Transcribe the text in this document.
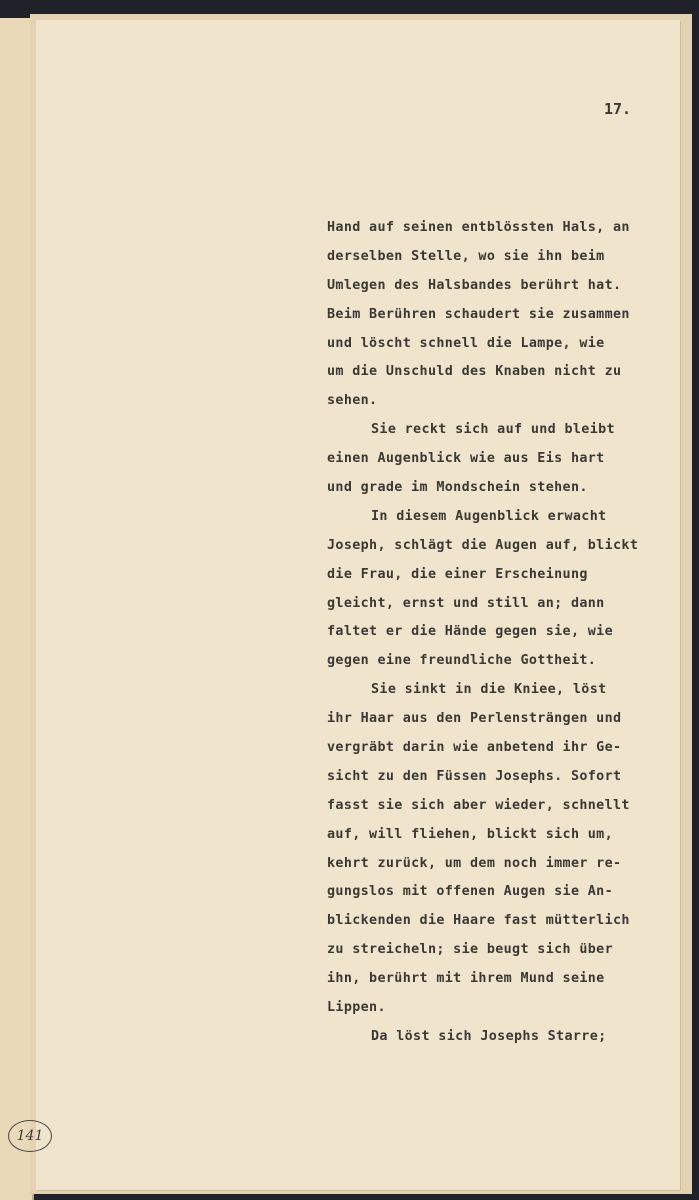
17.
Hand auf seinen entblössten Hals, an
derselben Stelle, wo sie ihn beim
Umlegen des Halsbandes berührt hat.
Beim Berühren schaudert sie zusammen
und löscht schnell die Lampe, wie
um die Unschuld des Knaben nicht zu
sehen.
Sie reckt sich auf und bleibt
einen Augenblick wie aus Eis hart
und grade im Mondschein stehen.
In diesem Augenblick erwacht
Joseph, schlägt die Augen auf, blickt
die Frau, die einer Erscheinung
gleicht, ernst und still an; dann
faltet er die Hände gegen sie, wie
gegen eine freundliche Gottheit.
Sie sinkt in die Kniee, löst
ihr Haar aus den Perlensträngen und
vergräbt darin wie anbetend ihr Ge-
sicht zu den Füssen Josephs. Sofort
fasst sie sich aber wieder, schnellt
auf, will fliehen, blickt sich um,
kehrt zurück, um dem noch immer re-
gungslos mit offenen Augen sie An-
blickenden die Haare fast mütterlich
zu streicheln; sie beugt sich über
ihn, berührt mit ihrem Mund seine
Lippen.
Da löst sich Josephs Starre;
141
